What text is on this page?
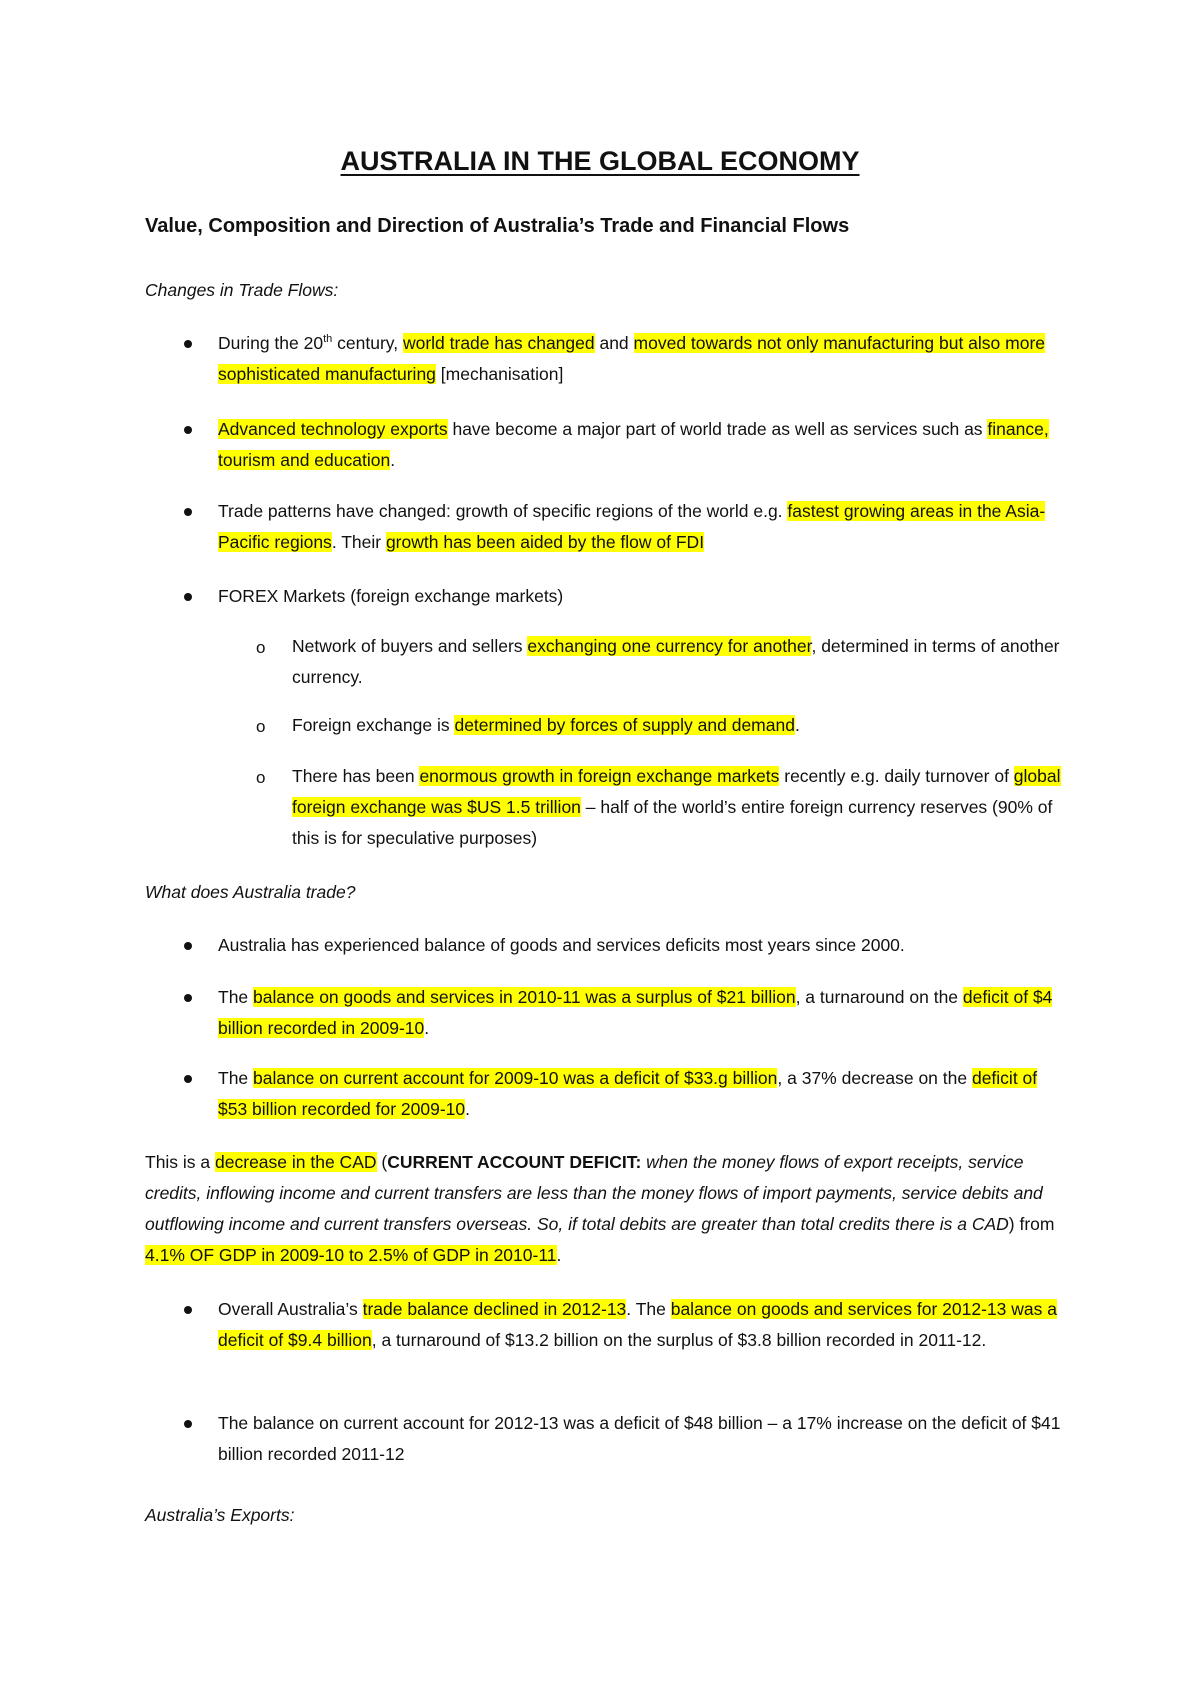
AUSTRALIA IN THE GLOBAL ECONOMY
Value, Composition and Direction of Australia’s Trade and Financial Flows

Changes in Trade Flows:

During the 20th century, world trade has changed and moved towards not only manufacturing but also more sophisticated manufacturing [mechanisation]

Advanced technology exports have become a major part of world trade as well as services such as finance, tourism and education.

Trade patterns have changed: growth of specific regions of the world e.g. fastest growing areas in the Asia-Pacific regions. Their growth has been aided by the flow of FDI

FOREX Markets (foreign exchange markets)

o Network of buyers and sellers exchanging one currency for another, determined in terms of another currency.

o Foreign exchange is determined by forces of supply and demand.

o There has been enormous growth in foreign exchange markets recently e.g. daily turnover of global foreign exchange was $US 1.5 trillion – half of the world’s entire foreign currency reserves (90% of this is for speculative purposes)

What does Australia trade?

Australia has experienced balance of goods and services deficits most years since 2000.

The balance on goods and services in 2010-11 was a surplus of $21 billion, a turnaround on the deficit of $4 billion recorded in 2009-10.

The balance on current account for 2009-10 was a deficit of $33.g billion, a 37% decrease on the deficit of $53 billion recorded for 2009-10.

This is a decrease in the CAD (CURRENT ACCOUNT DEFICIT: when the money flows of export receipts, service credits, inflowing income and current transfers are less than the money flows of import payments, service debits and outflowing income and current transfers overseas. So, if total debits are greater than total credits there is a CAD) from 4.1% OF GDP in 2009-10 to 2.5% of GDP in 2010-11.

Overall Australia’s trade balance declined in 2012-13. The balance on goods and services for 2012-13 was a deficit of $9.4 billion, a turnaround of $13.2 billion on the surplus of $3.8 billion recorded in 2011-12.

The balance on current account for 2012-13 was a deficit of $48 billion – a 17% increase on the deficit of $41 billion recorded 2011-12

Australia’s Exports:
